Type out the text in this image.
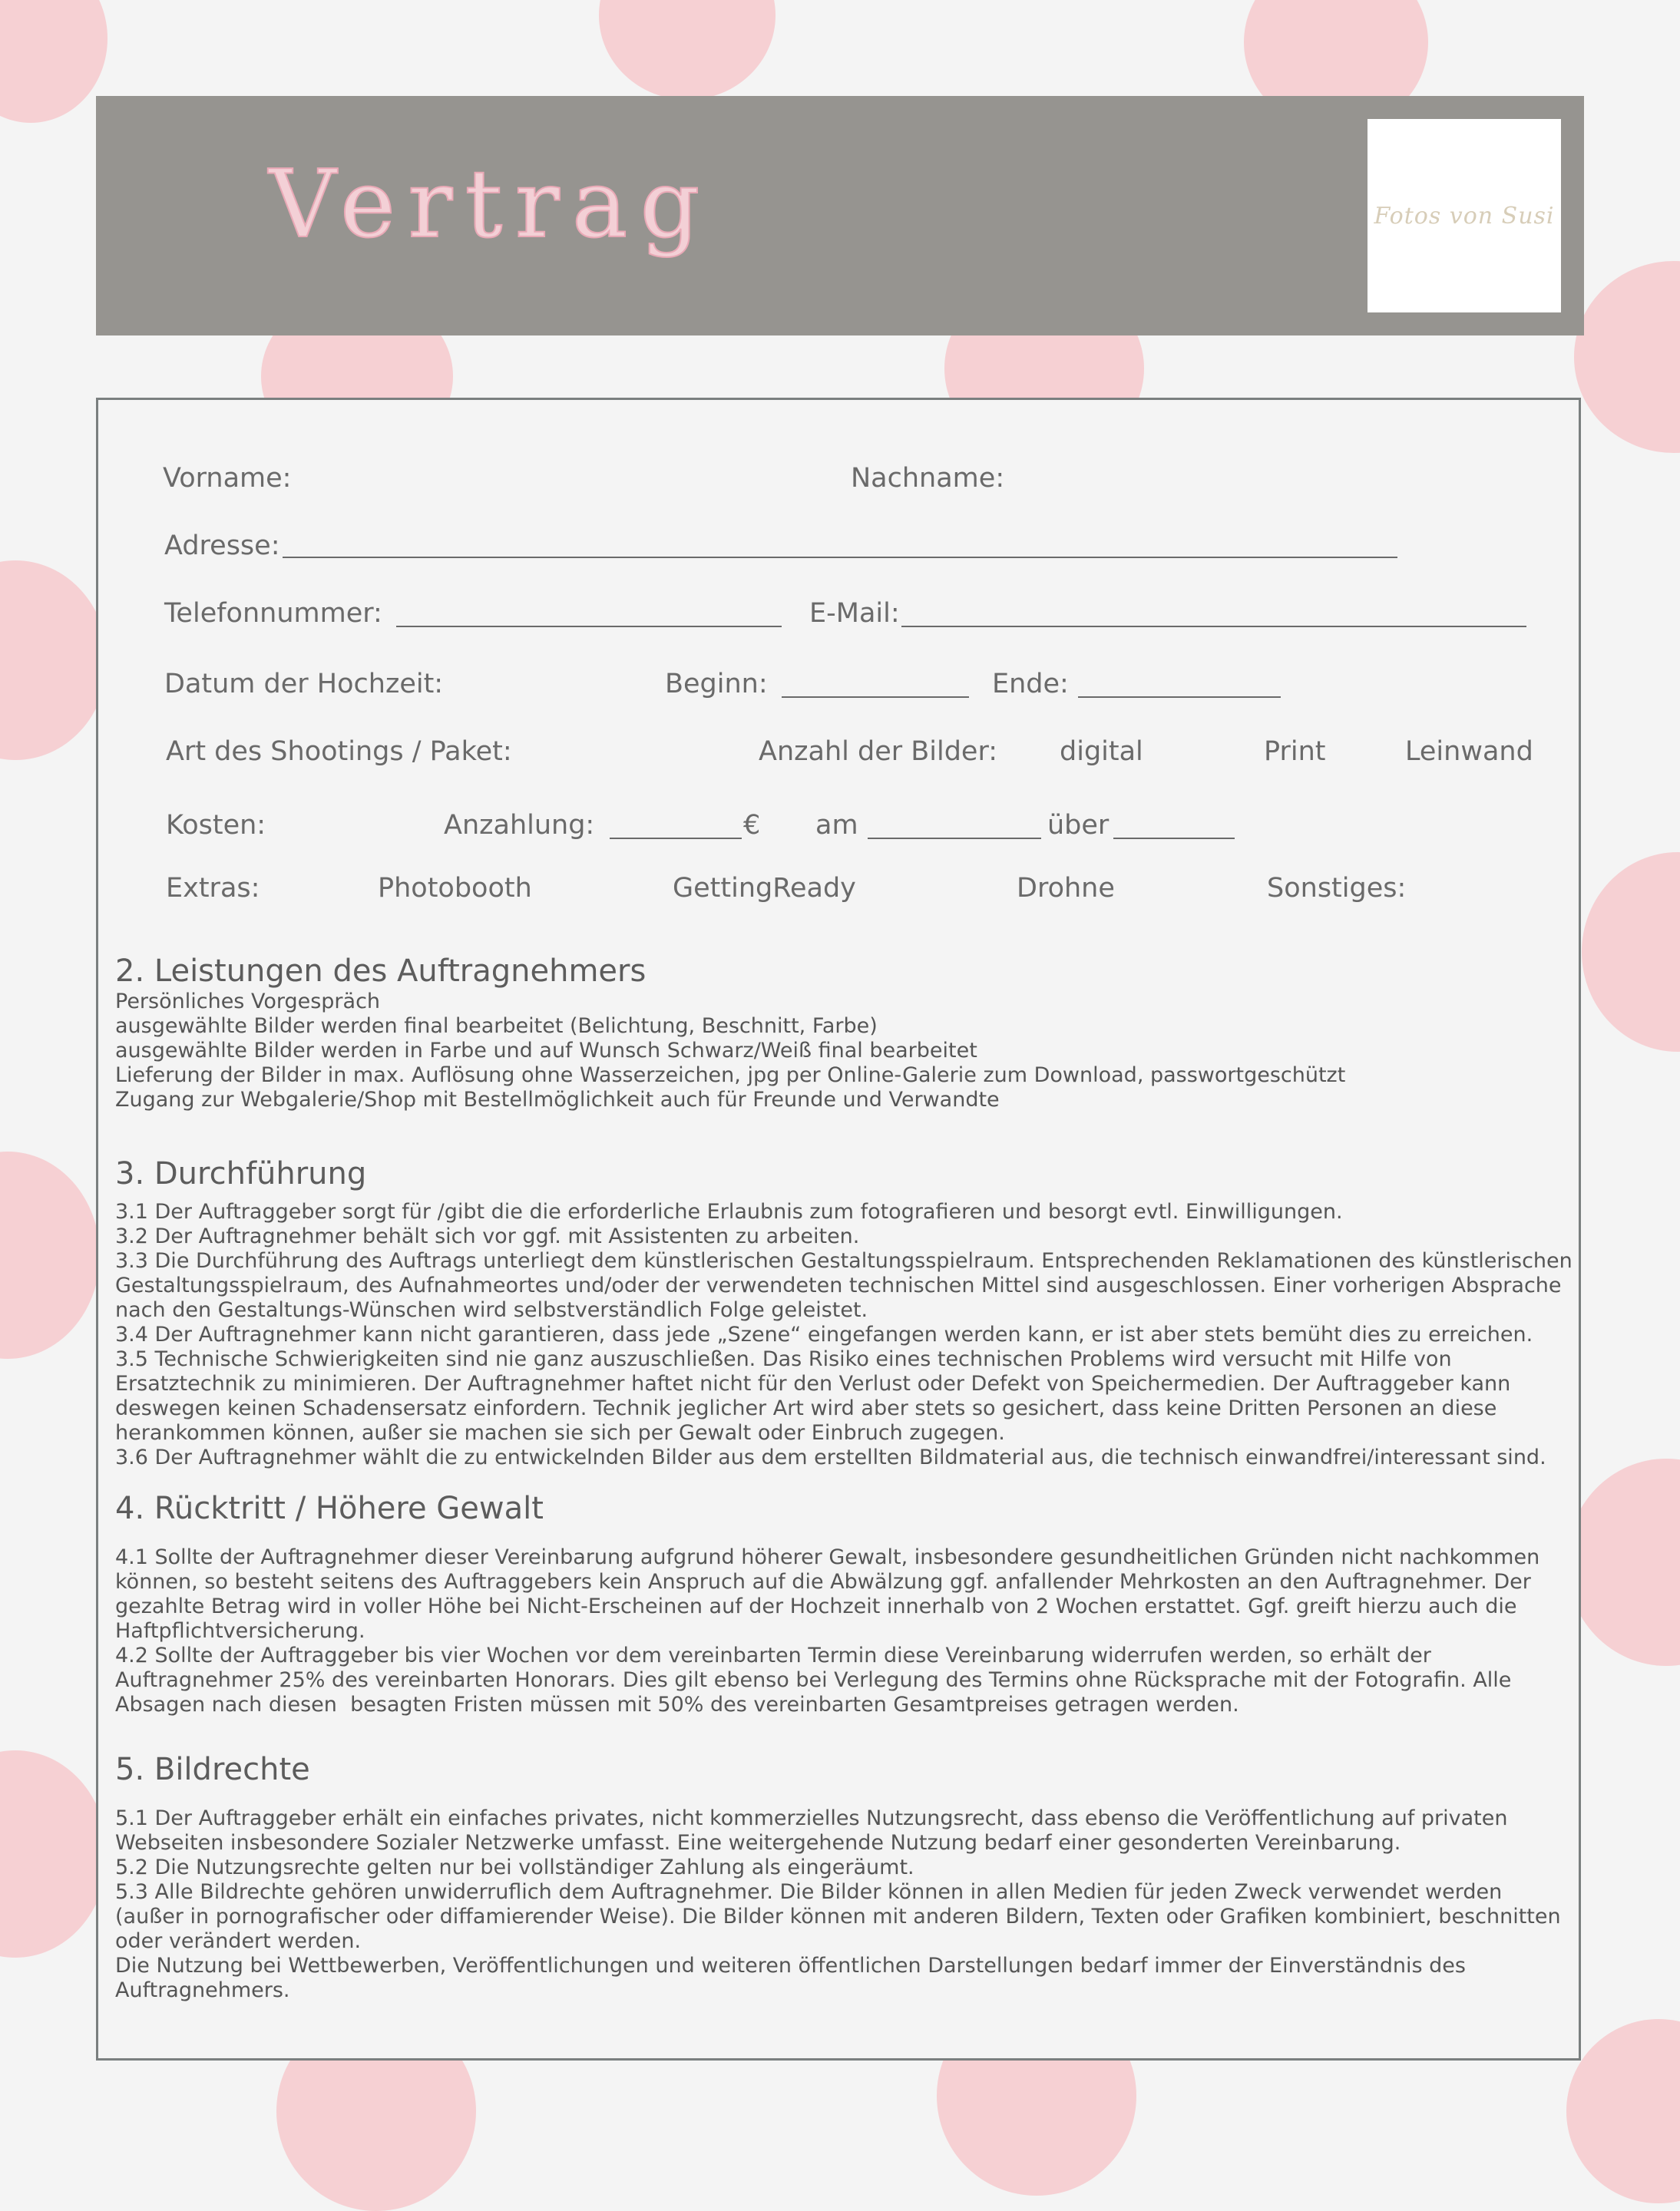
Vertrag	Fotos von Susi
Vorname:	Nachname:
Adresse:
Telefonnummer:	E-Mail:
Datum der Hochzeit:	Beginn:	Ende:
Art des Shootings / Paket:	Anzahl der Bilder: digital	Print	Leinwand
Kosten:	Anzahlung:	€ am	über
Extras:	Photobooth	GettingReady	Drohne	Sonstiges:
2. Leistungen des Auftragnehmers

Persönliches Vorgespräch
ausgewählte Bilder werden final bearbeitet (Belichtung, Beschnitt, Farbe)
ausgewählte Bilder werden in Farbe und auf Wunsch Schwarz/Weiß final bearbeitet
Lieferung der Bilder in max. Auflösung ohne Wasserzeichen, jpg per Online-Galerie zum Download, passwortgeschützt
Zugang zur Webgalerie/Shop mit Bestellmöglichkeit auch für Freunde und Verwandte

3. Durchführung

3.1 Der Auftraggeber sorgt für /gibt die die erforderliche Erlaubnis zum fotografieren und besorgt evtl. Einwilligungen.
3.2 Der Auftragnehmer behält sich vor ggf. mit Assistenten zu arbeiten.
3.3 Die Durchführung des Auftrags unterliegt dem künstlerischen Gestaltungsspielraum. Entsprechenden Reklamationen des künstlerischen Gestaltungsspielraum, des Aufnahmeortes und/oder der verwendeten technischen Mittel sind ausgeschlossen. Einer vorherigen Absprache nach den Gestaltungs-Wünschen wird selbstverständlich Folge geleistet.
3.4 Der Auftragnehmer kann nicht garantieren, dass jede „Szene“ eingefangen werden kann, er ist aber stets bemüht dies zu erreichen.
3.5 Technische Schwierigkeiten sind nie ganz auszuschließen. Das Risiko eines technischen Problems wird versucht mit Hilfe von Ersatztechnik zu minimieren. Der Auftragnehmer haftet nicht für den Verlust oder Defekt von Speichermedien. Der Auftraggeber kann deswegen keinen Schadensersatz einfordern. Technik jeglicher Art wird aber stets so gesichert, dass keine Dritten Personen an diese herankommen können, außer sie machen sie sich per Gewalt oder Einbruch zugegen.
3.6 Der Auftragnehmer wählt die zu entwickelnden Bilder aus dem erstellten Bildmaterial aus, die technisch einwandfrei/interessant sind.

4. Rücktritt / Höhere Gewalt

4.1 Sollte der Auftragnehmer dieser Vereinbarung aufgrund höherer Gewalt, insbesondere gesundheitlichen Gründen nicht nachkommen können, so besteht seitens des Auftraggebers kein Anspruch auf die Abwälzung ggf. anfallender Mehrkosten an den Auftragnehmer. Der gezahlte Betrag wird in voller Höhe bei Nicht-Erscheinen auf der Hochzeit innerhalb von 2 Wochen erstattet. Ggf. greift hierzu auch die Haftpflichtversicherung.
4.2 Sollte der Auftraggeber bis vier Wochen vor dem vereinbarten Termin diese Vereinbarung widerrufen werden, so erhält der Auftragnehmer 25% des vereinbarten Honorars. Dies gilt ebenso bei Verlegung des Termins ohne Rücksprache mit der Fotografin. Alle Absagen nach diesen  besagten Fristen müssen mit 50% des vereinbarten Gesamtpreises getragen werden.

5. Bildrechte

5.1 Der Auftraggeber erhält ein einfaches privates, nicht kommerzielles Nutzungsrecht, dass ebenso die Veröffentlichung auf privaten Webseiten insbesondere Sozialer Netzwerke umfasst. Eine weitergehende Nutzung bedarf einer gesonderten Vereinbarung.
5.2 Die Nutzungsrechte gelten nur bei vollständiger Zahlung als eingeräumt.
5.3 Alle Bildrechte gehören unwiderruflich dem Auftragnehmer. Die Bilder können in allen Medien für jeden Zweck verwendet werden (außer in pornografischer oder diffamierender Weise). Die Bilder können mit anderen Bildern, Texten oder Grafiken kombiniert, beschnitten oder verändert werden.
Die Nutzung bei Wettbewerben, Veröffentlichungen und weiteren öffentlichen Darstellungen bedarf immer der Einverständnis des Auftragnehmers.
